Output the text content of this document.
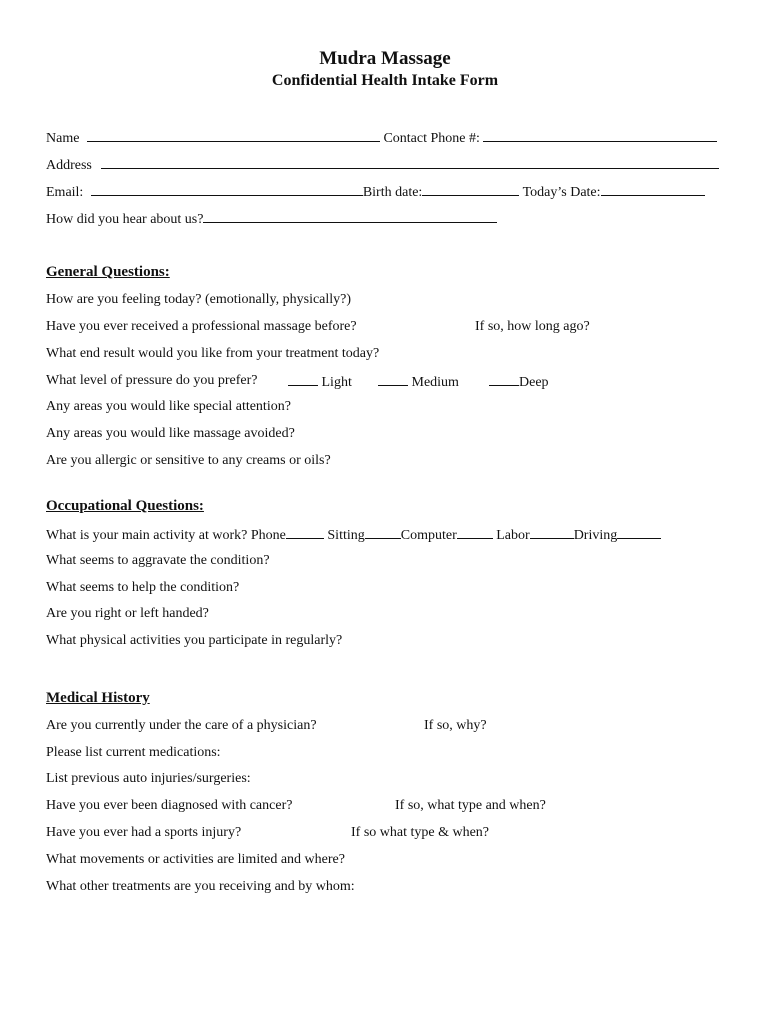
Mudra Massage
Confidential Health Intake Form
Name	Contact Phone #:
Address
Email:	Birth date:	Today’s Date:
How did you hear about us?
General Questions:
How are you feeling today? (emotionally, physically?)
Have you ever received a professional massage before?	If so, how long ago?
What end result would you like from your treatment today?
What level of pressure do you prefer?	Light	Medium	Deep
Any areas you would like special attention?
Any areas you would like massage avoided?
Are you allergic or sensitive to any creams or oils?
Occupational Questions:
What is your main activity at work? Phone	Sitting	Computer	Labor	Driving
What seems to aggravate the condition?
What seems to help the condition?
Are you right or left handed?
What physical activities you participate in regularly?
Medical History
Are you currently under the care of a physician?	If so, why?
Please list current medications:
List previous auto injuries/surgeries:
Have you ever been diagnosed with cancer?	If so, what type and when?
Have you ever had a sports injury?	If so what type & when?
What movements or activities are limited and where?
What other treatments are you receiving and by whom:
